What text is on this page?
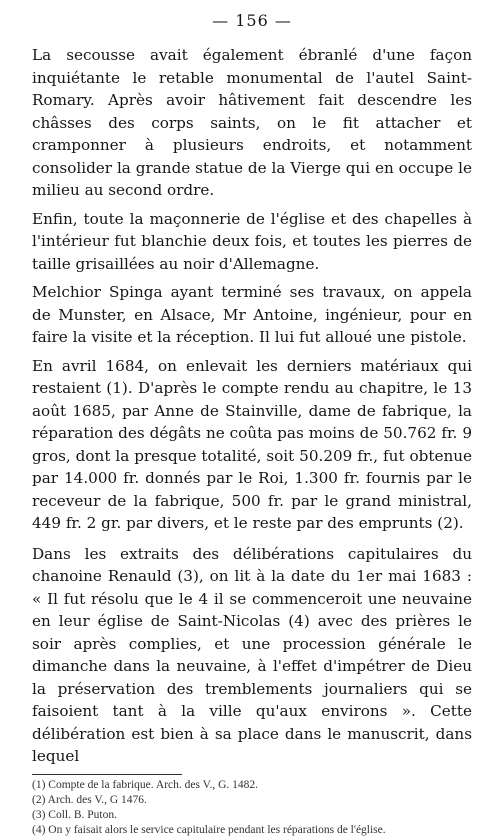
— 156 —

La secousse avait également ébranlé d'une façon inquiétante le retable monumental de l'autel Saint-Romary. Après avoir hâtivement fait descendre les châsses des corps saints, on le fit attacher et cramponner à plusieurs endroits, et notamment consolider la grande statue de la Vierge qui en occupe le milieu au second ordre.

Enfin, toute la maçonnerie de l'église et des chapelles à l'intérieur fut blanchie deux fois, et toutes les pierres de taille grisaillées au noir d'Allemagne.

Melchior Spinga ayant terminé ses travaux, on appela de Munster, en Alsace, Mr Antoine, ingénieur, pour en faire la visite et la réception. Il lui fut alloué une pistole.

En avril 1684, on enlevait les derniers matériaux qui restaient (1). D'après le compte rendu au chapitre, le 13 août 1685, par Anne de Stainville, dame de fabrique, la réparation des dégâts ne coûta pas moins de 50.762 fr. 9 gros, dont la presque totalité, soit 50.209 fr., fut obtenue par 14.000 fr. donnés par le Roi, 1.300 fr. fournis par le receveur de la fabrique, 500 fr. par le grand ministral, 449 fr. 2 gr. par divers, et le reste par des emprunts (2).

Dans les extraits des délibérations capitulaires du chanoine Renauld (3), on lit à la date du 1er mai 1683 : « Il fut résolu que le 4 il se commenceroit une neuvaine en leur église de Saint-Nicolas (4) avec des prières le soir après complies, et une procession générale le dimanche dans la neuvaine, à l'effet d'impétrer de Dieu la préservation des tremblements journaliers qui se faisoient tant à la ville qu'aux environs ». Cette délibération est bien à sa place dans le manuscrit, dans lequel

(1) Compte de la fabrique. Arch. des V., G. 1482.

(2) Arch. des V., G 1476.

(3) Coll. B. Puton.

(4) On y faisait alors le service capitulaire pendant les réparations de l'église.
